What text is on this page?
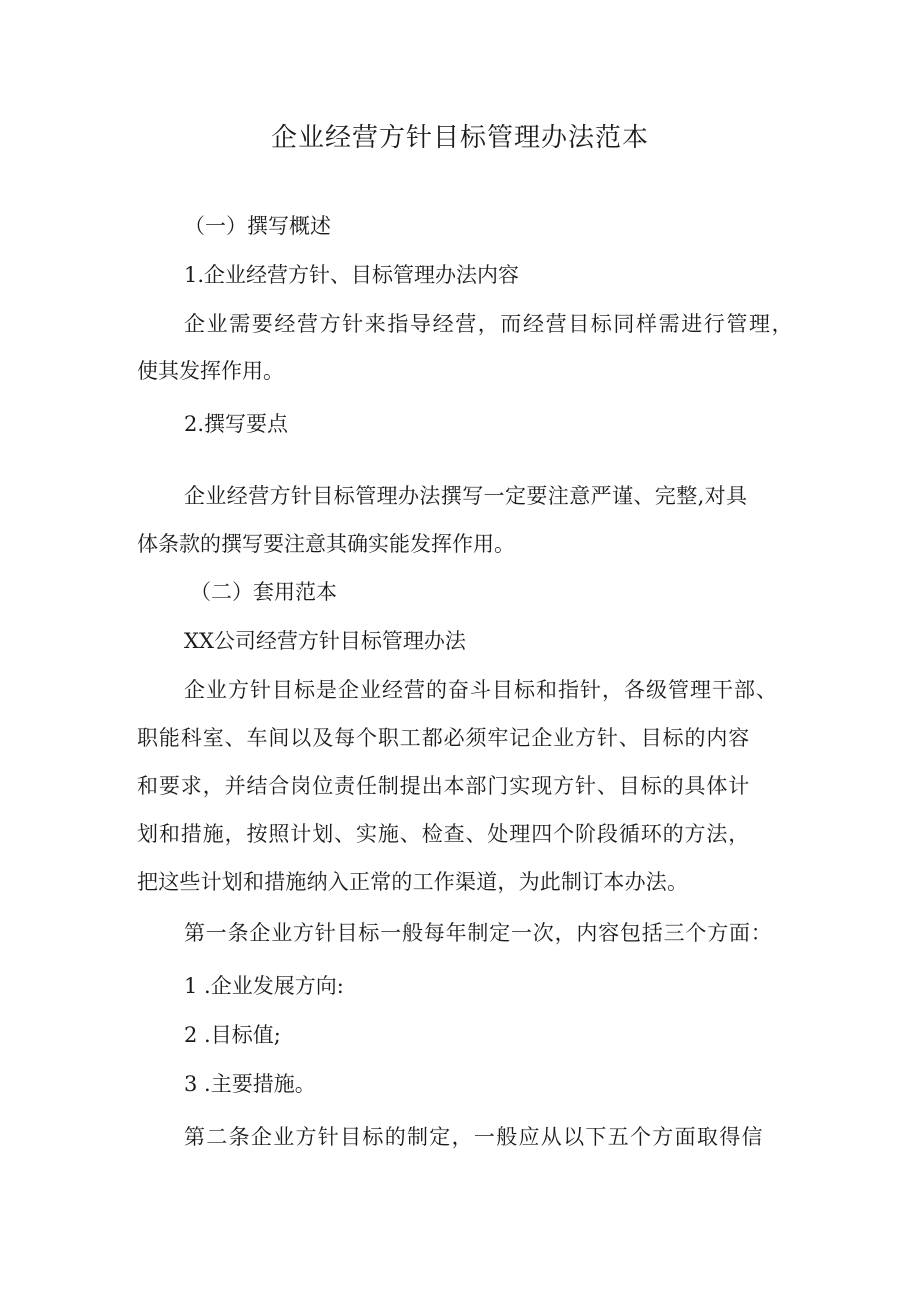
企业经营方针目标管理办法范本
（一）撰写概述
1.企业经营方针、目标管理办法内容
企业需要经营方针来指导经营，而经营目标同样需进行管理，
使其发挥作用。
2.撰写要点
企业经营方针目标管理办法撰写一定要注意严谨、完整,对具
体条款的撰写要注意其确实能发挥作用。
（二）套用范本
XX公司经营方针目标管理办法
企业方针目标是企业经营的奋斗目标和指针，各级管理干部、
职能科室、车间以及每个职工都必须牢记企业方针、目标的内容
和要求，并结合岗位责任制提出本部门实现方针、目标的具体计
划和措施，按照计划、实施、检查、处理四个阶段循环的方法，
把这些计划和措施纳入正常的工作渠道，为此制订本办法。
第一条企业方针目标一般每年制定一次，内容包括三个方面：
1 .企业发展方向:
2 .目标值;
3 .主要措施。
第二条企业方针目标的制定，一般应从以下五个方面取得信
